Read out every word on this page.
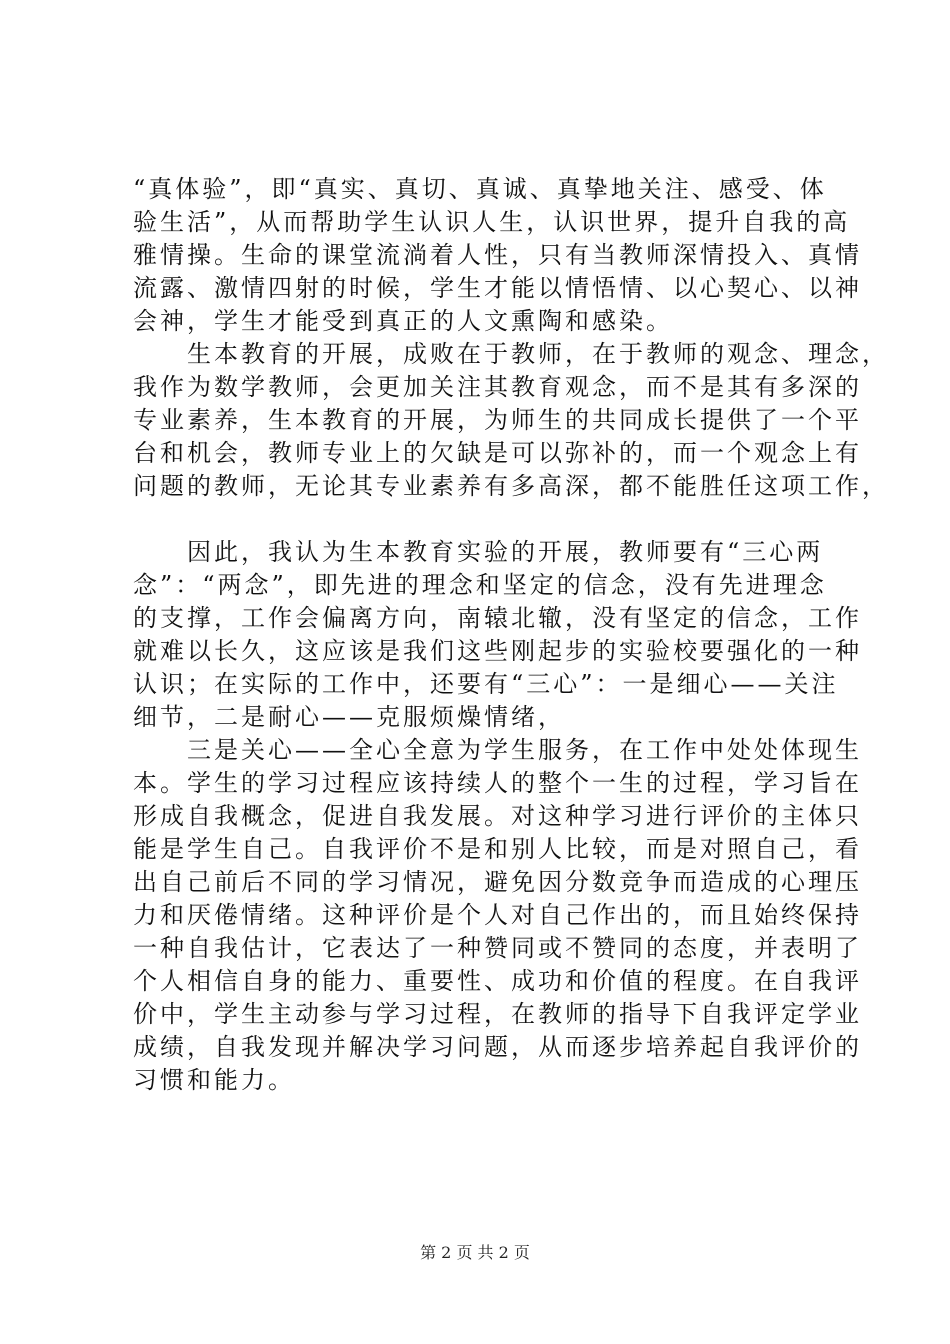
“真体验”，即“真实、真切、真诚、真挚地关注、感受、体
验生活”，从而帮助学生认识人生，认识世界，提升自我的高
雅情操。生命的课堂流淌着人性，只有当教师深情投入、真情
流露、激情四射的时候，学生才能以情悟情、以心契心、以神
会神，学生才能受到真正的人文熏陶和感染。
　　生本教育的开展，成败在于教师，在于教师的观念、理念，
我作为数学教师，会更加关注其教育观念，而不是其有多深的
专业素养，生本教育的开展，为师生的共同成长提供了一个平
台和机会，教师专业上的欠缺是可以弥补的，而一个观念上有
问题的教师，无论其专业素养有多高深，都不能胜任这项工作，
　　因此，我认为生本教育实验的开展，教师要有“三心两
念”：“两念”，即先进的理念和坚定的信念，没有先进理念
的支撑，工作会偏离方向，南辕北辙，没有坚定的信念，工作
就难以长久，这应该是我们这些刚起步的实验校要强化的一种
认识；在实际的工作中，还要有“三心”：一是细心——关注
细节，二是耐心——克服烦燥情绪，
　　三是关心——全心全意为学生服务，在工作中处处体现生
本。学生的学习过程应该持续人的整个一生的过程，学习旨在
形成自我概念，促进自我发展。对这种学习进行评价的主体只
能是学生自己。自我评价不是和别人比较，而是对照自己，看
出自己前后不同的学习情况，避免因分数竞争而造成的心理压
力和厌倦情绪。这种评价是个人对自己作出的，而且始终保持
一种自我估计，它表达了一种赞同或不赞同的态度，并表明了
个人相信自身的能力、重要性、成功和价值的程度。在自我评
价中，学生主动参与学习过程，在教师的指导下自我评定学业
成绩，自我发现并解决学习问题，从而逐步培养起自我评价的
习惯和能力。
第 2 页 共 2 页
